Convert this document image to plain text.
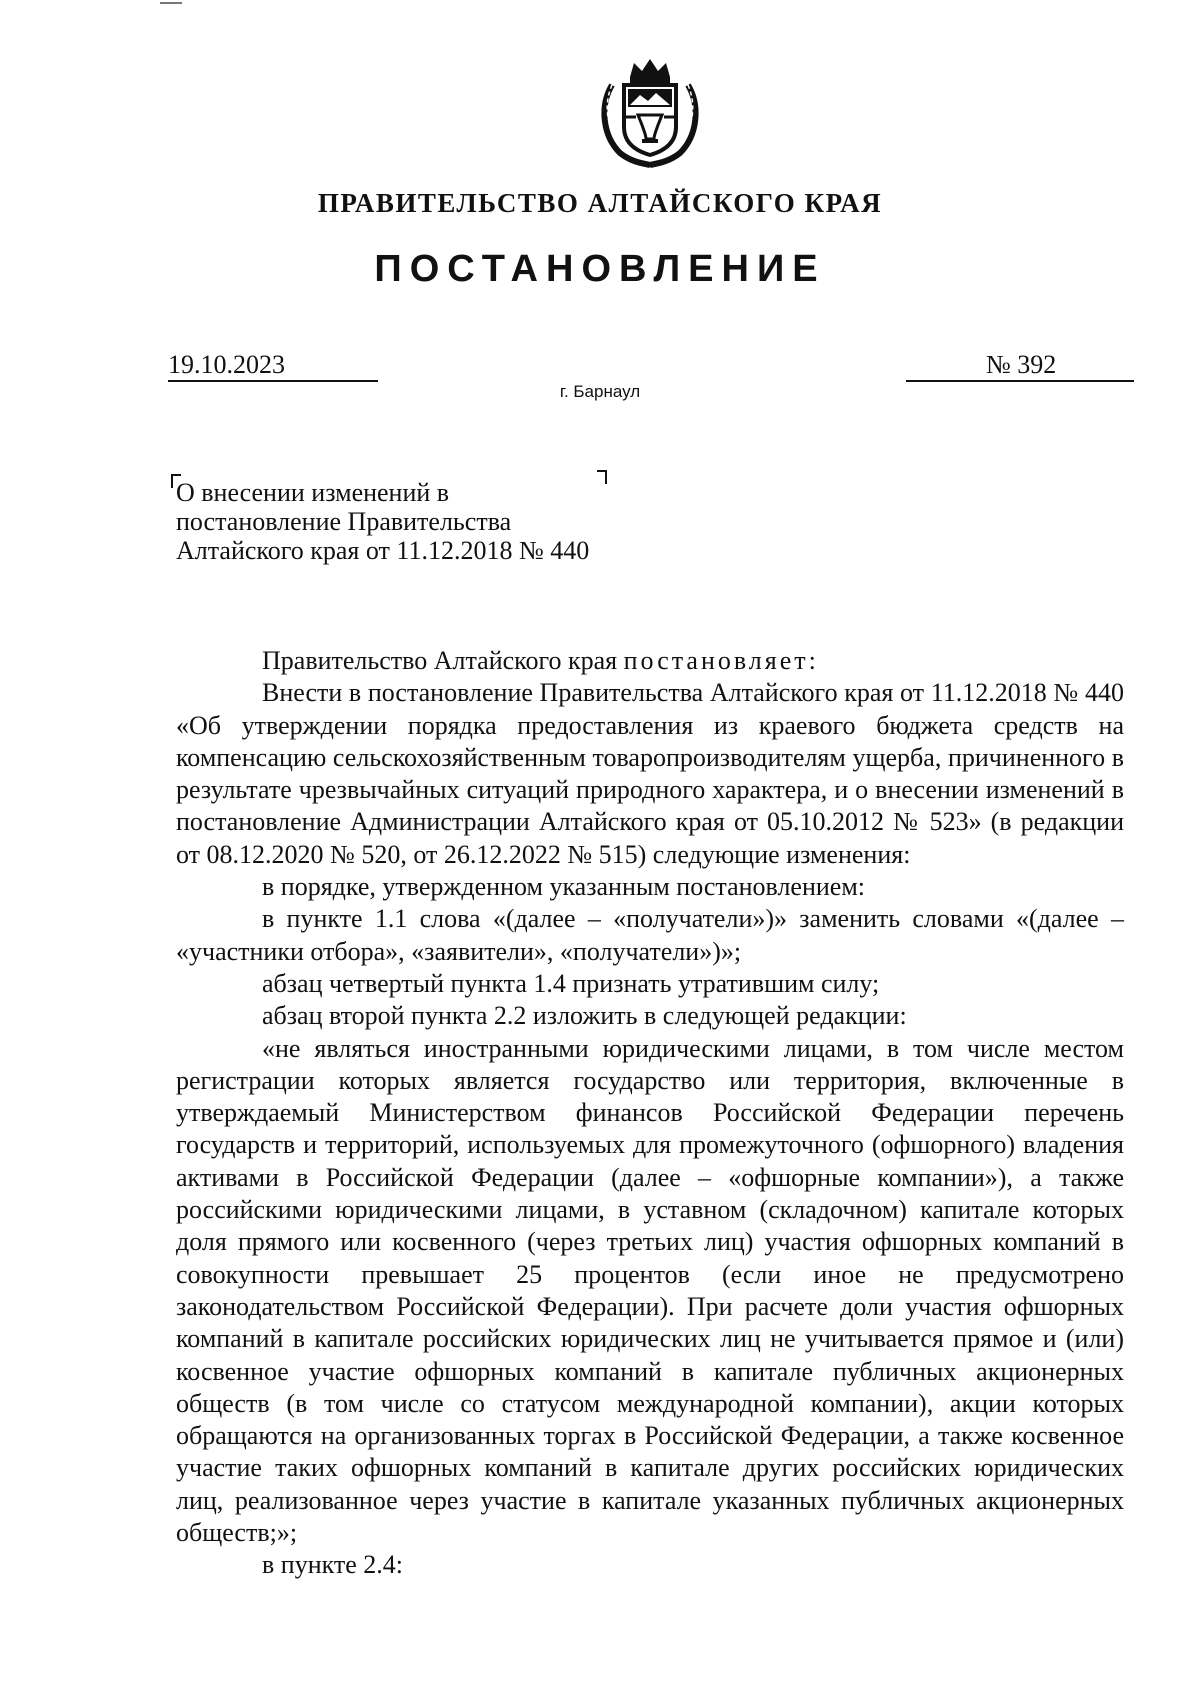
ПРАВИТЕЛЬСТВО АЛТАЙСКОГО КРАЯ
ПОСТАНОВЛЕНИЕ
19.10.2023	№ 392
г. Барнаул
О внесении изменений в постановление Правительства Алтайского края от 11.12.2018 № 440

Правительство Алтайского края постановляет:

Внести в постановление Правительства Алтайского края от 11.12.2018 № 440 «Об утверждении порядка предоставления из краевого бюджета средств на компенсацию сельскохозяйственным товаропроизводителям ущерба, причиненного в результате чрезвычайных ситуаций природного характера, и о внесении изменений в постановление Администрации Алтайского края от 05.10.2012 № 523» (в редакции от 08.12.2020 № 520, от 26.12.2022 № 515) следующие изменения:

в порядке, утвержденном указанным постановлением:

в пункте 1.1 слова «(далее – «получатели»)» заменить словами «(далее – «участники отбора», «заявители», «получатели»)»;

абзац четвертый пункта 1.4 признать утратившим силу;

абзац второй пункта 2.2 изложить в следующей редакции:

«не являться иностранными юридическими лицами, в том числе местом регистрации которых является государство или территория, включенные в утверждаемый Министерством финансов Российской Федерации перечень государств и территорий, используемых для промежуточного (офшорного) владения активами в Российской Федерации (далее – «офшорные компании»), а также российскими юридическими лицами, в уставном (складочном) капитале которых доля прямого или косвенного (через третьих лиц) участия офшорных компаний в совокупности превышает 25 процентов (если иное не предусмотрено законодательством Российской Федерации). При расчете доли участия офшорных компаний в капитале российских юридических лиц не учитывается прямое и (или) косвенное участие офшорных компаний в капитале публичных акционерных обществ (в том числе со статусом международной компании), акции которых обращаются на организованных торгах в Российской Федерации, а также косвенное участие таких офшорных компаний в капитале других российских юридических лиц, реализованное через участие в капитале указанных публичных акционерных обществ;»;

в пункте 2.4:
